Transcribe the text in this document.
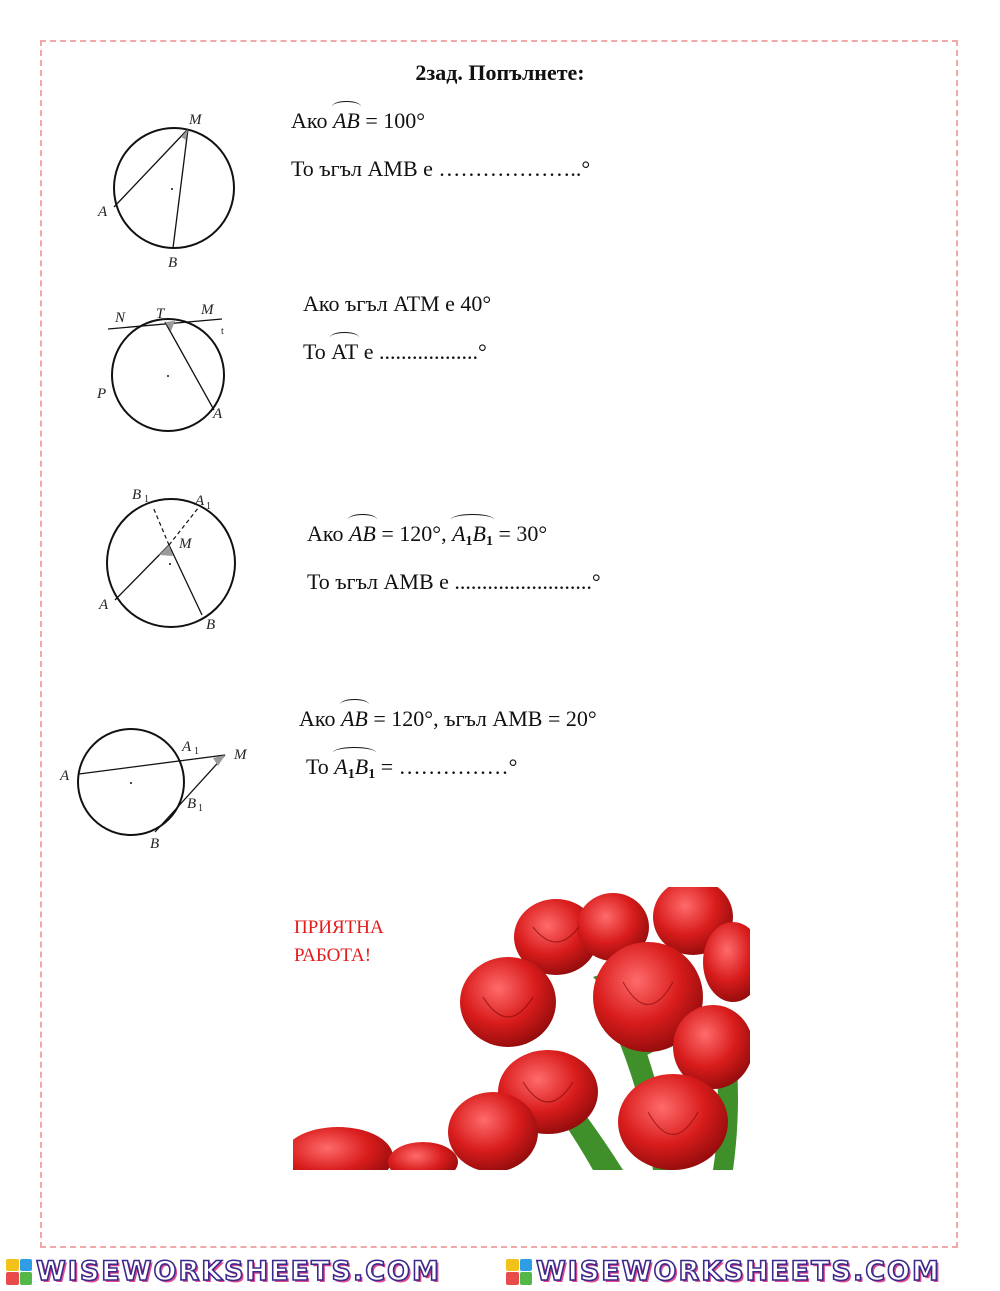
2зад. Попълнете:
M
A
B
Ако
AB = 100°
То ъгъл AMB е ………………..°
N T M
t
P
A
Ако ъгъл ATM е 40°
То
AT е ..................°
B 1	A 1
M
A
B
Ако
AB = 120°,
$A_1B_1 = 30^\circ$
То ъгъл AMB е .........................°
A
A 1 M
B 1
B
Ако
AB = 120°, ъгъл AMB = 20°
То
$A_1B_1$ = ……………°
ПРИЯТНА
РАБОТА!
WISEWORKSHEETS.COM	WISEWORKSHEETS.COM
